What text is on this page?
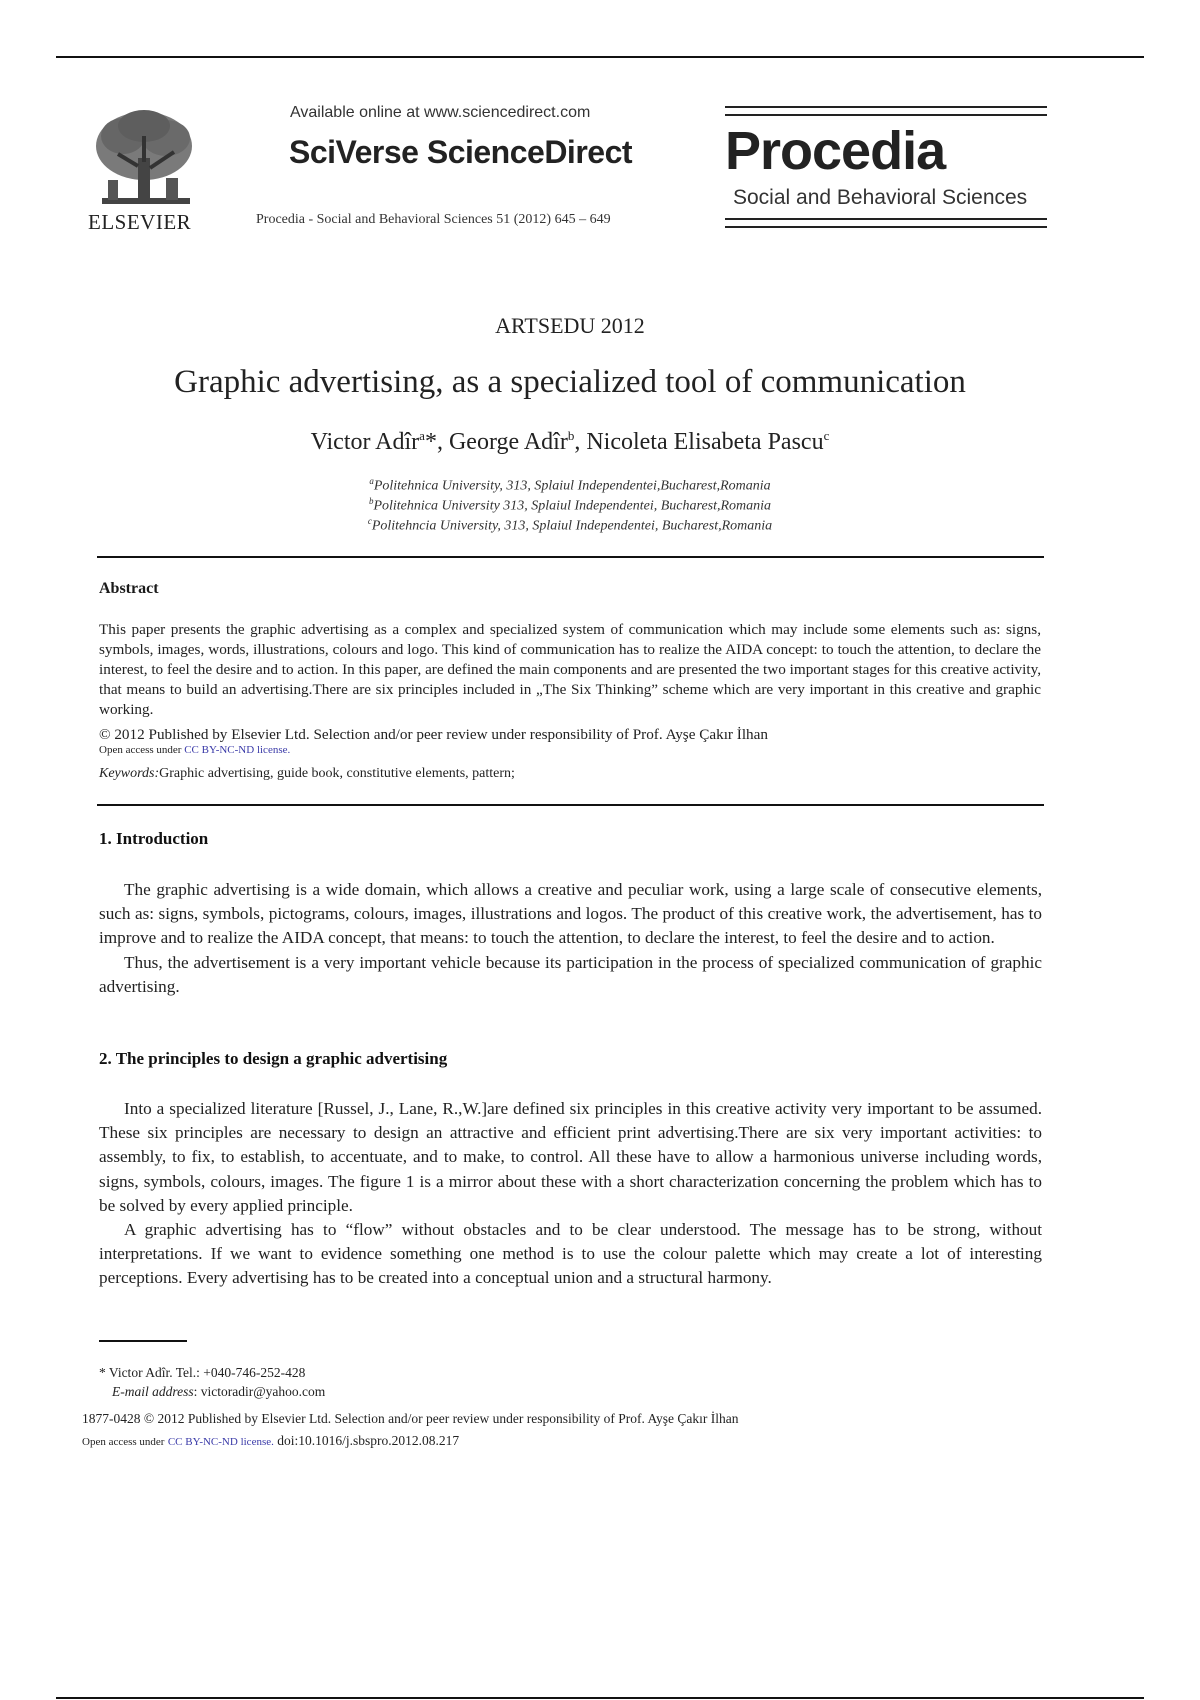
ELSEVIER
Available online at www.sciencedirect.com
SciVerse ScienceDirect
Procedia - Social and Behavioral Sciences 51 (2012) 645 – 649
Procedia
Social and Behavioral Sciences
ARTSEDU 2012
Graphic advertising, as a specialized tool of communication
Victor Adîr$^a$*, George Adîr$^b$, Nicoleta Elisabeta Pascu$^c$
$^a$Politehnica University, 313, Splaiul Independentei,Bucharest,Romania
$^b$Politehnica University 313, Splaiul Independentei, Bucharest,Romania
$^c$Politehncia University, 313, Splaiul Independentei, Bucharest,Romania
Abstract
This paper presents the graphic advertising as a complex and specialized system of communication which may include some elements such as: signs, symbols, images, words, illustrations, colours and logo. This kind of communication has to realize the AIDA concept: to touch the attention, to declare the interest, to feel the desire and to action. In this paper, are defined the main components and are presented the two important stages for this creative activity, that means to build an advertising.There are six principles included in „The Six Thinking” scheme which are very important in this creative and graphic working.
© 2012 Published by Elsevier Ltd. Selection and/or peer review under responsibility of Prof. Ayşe Çakır İlhan
Open access under CC BY-NC-ND license.
Keywords:Graphic advertising, guide book, constitutive elements, pattern;
1. Introduction

The graphic advertising is a wide domain, which allows a creative and peculiar work, using a large scale of consecutive elements, such as: signs, symbols, pictograms, colours, images, illustrations and logos. The product of this creative work, the advertisement, has to improve and to realize the AIDA concept, that means: to touch the attention, to declare the interest, to feel the desire and to action.

Thus, the advertisement is a very important vehicle because its participation in the process of specialized communication of graphic advertising.

2. The principles to design a graphic advertising

Into a specialized literature [Russel, J., Lane, R.,W.]are defined six principles in this creative activity very important to be assumed. These six principles are necessary to design an attractive and efficient print advertising.There are six very important activities: to assembly, to fix, to establish, to accentuate, and to make, to control. All these have to allow a harmonious universe including words, signs, symbols, colours, images. The figure 1 is a mirror about these with a short characterization concerning the problem which has to be solved by every applied principle.

A graphic advertising has to “flow” without obstacles and to be clear understood. The message has to be strong, without interpretations. If we want to evidence something one method is to use the colour palette which may create a lot of interesting perceptions. Every advertising has to be created into a conceptual union and a structural harmony.

* Victor Adîr. Tel.: +040-746-252-428
E-mail address: victoradir@yahoo.com
1877-0428 © 2012 Published by Elsevier Ltd. Selection and/or peer review under responsibility of Prof. Ayşe Çakır İlhan
Open access under CC BY-NC-ND license. doi:10.1016/j.sbspro.2012.08.217
